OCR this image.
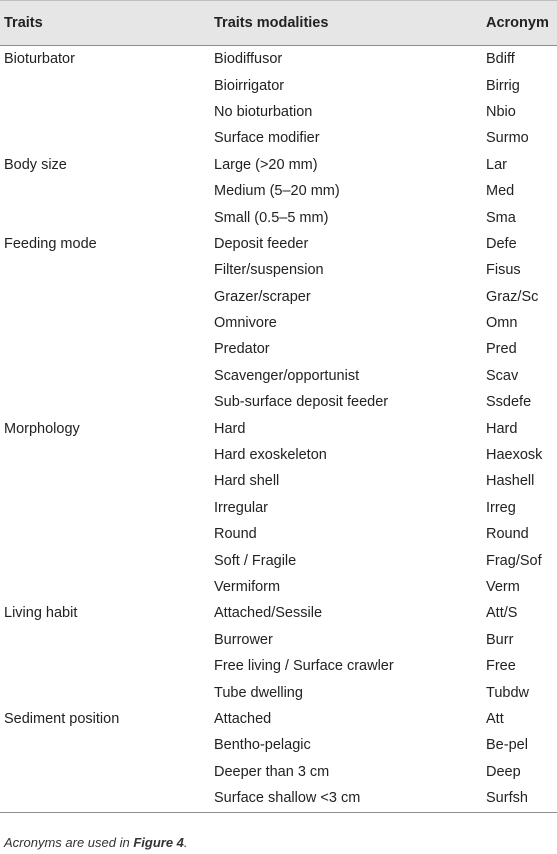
Traits	Traits modalities	Acronym
Bioturbator	Biodiffusor	Bdiff
	Bioirrigator	Birrig
	No bioturbation	Nbio
	Surface modifier	Surmo
Body size	Large (>20 mm)	Lar
	Medium (5–20 mm)	Med
	Small (0.5–5 mm)	Sma
Feeding mode	Deposit feeder	Defe
	Filter/suspension	Fisus
	Grazer/scraper	Graz/Sc
	Omnivore	Omn
	Predator	Pred
	Scavenger/opportunist	Scav
	Sub-surface deposit feeder	Ssdefe
Morphology	Hard	Hard
	Hard exoskeleton	Haexosk
	Hard shell	Hashell
	Irregular	Irreg
	Round	Round
	Soft / Fragile	Frag/Sof
	Vermiform	Verm
Living habit	Attached/Sessile	Att/S
	Burrower	Burr
	Free living / Surface crawler	Free
	Tube dwelling	Tubdw
Sediment position	Attached	Att
	Bentho-pelagic	Be-pel
	Deeper than 3 cm	Deep
	Surface shallow <3 cm	Surfsh
Acronyms are used in Figure 4.
